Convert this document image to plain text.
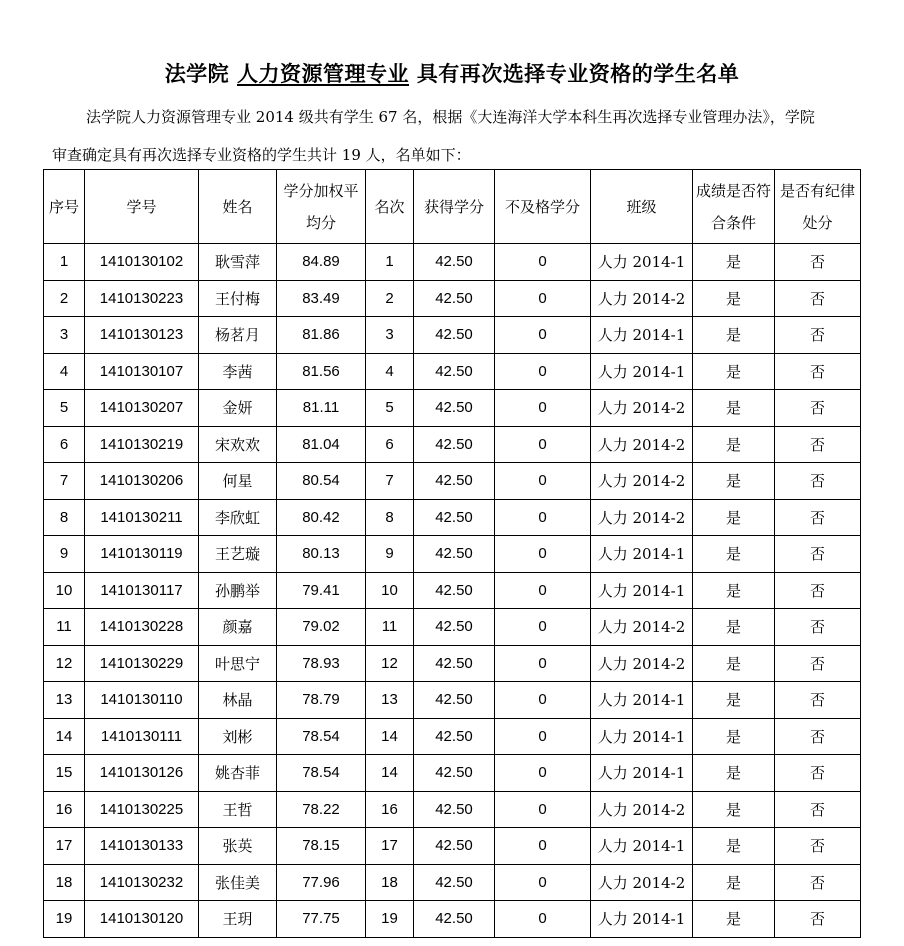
法学院 人力资源管理专业 具有再次选择专业资格的学生名单
法学院人力资源管理专业 2014 级共有学生 67 名，根据《大连海洋大学本科生再次选择专业管理办法》，学院
审查确定具有再次选择专业资格的学生共计 19 人，名单如下：
序号	学号	姓名	学分加权平均分	名次	获得学分	不及格学分	班级	成绩是否符合条件	是否有纪律处分
1	1410130102	耿雪萍	84.89	1	42.50	0	人力 2014-1	是	否
2	1410130223	王付梅	83.49	2	42.50	0	人力 2014-2	是	否
3	1410130123	杨茗月	81.86	3	42.50	0	人力 2014-1	是	否
4	1410130107	李茜	81.56	4	42.50	0	人力 2014-1	是	否
5	1410130207	金妍	81.11	5	42.50	0	人力 2014-2	是	否
6	1410130219	宋欢欢	81.04	6	42.50	0	人力 2014-2	是	否
7	1410130206	何星	80.54	7	42.50	0	人力 2014-2	是	否
8	1410130211	李欣虹	80.42	8	42.50	0	人力 2014-2	是	否
9	1410130119	王艺璇	80.13	9	42.50	0	人力 2014-1	是	否
10	1410130117	孙鹏举	79.41	10	42.50	0	人力 2014-1	是	否
11	1410130228	颜嘉	79.02	11	42.50	0	人力 2014-2	是	否
12	1410130229	叶思宁	78.93	12	42.50	0	人力 2014-2	是	否
13	1410130110	林晶	78.79	13	42.50	0	人力 2014-1	是	否
14	1410130111	刘彬	78.54	14	42.50	0	人力 2014-1	是	否
15	1410130126	姚杏菲	78.54	14	42.50	0	人力 2014-1	是	否
16	1410130225	王哲	78.22	16	42.50	0	人力 2014-2	是	否
17	1410130133	张英	78.15	17	42.50	0	人力 2014-1	是	否
18	1410130232	张佳美	77.96	18	42.50	0	人力 2014-2	是	否
19	1410130120	王玥	77.75	19	42.50	0	人力 2014-1	是	否
